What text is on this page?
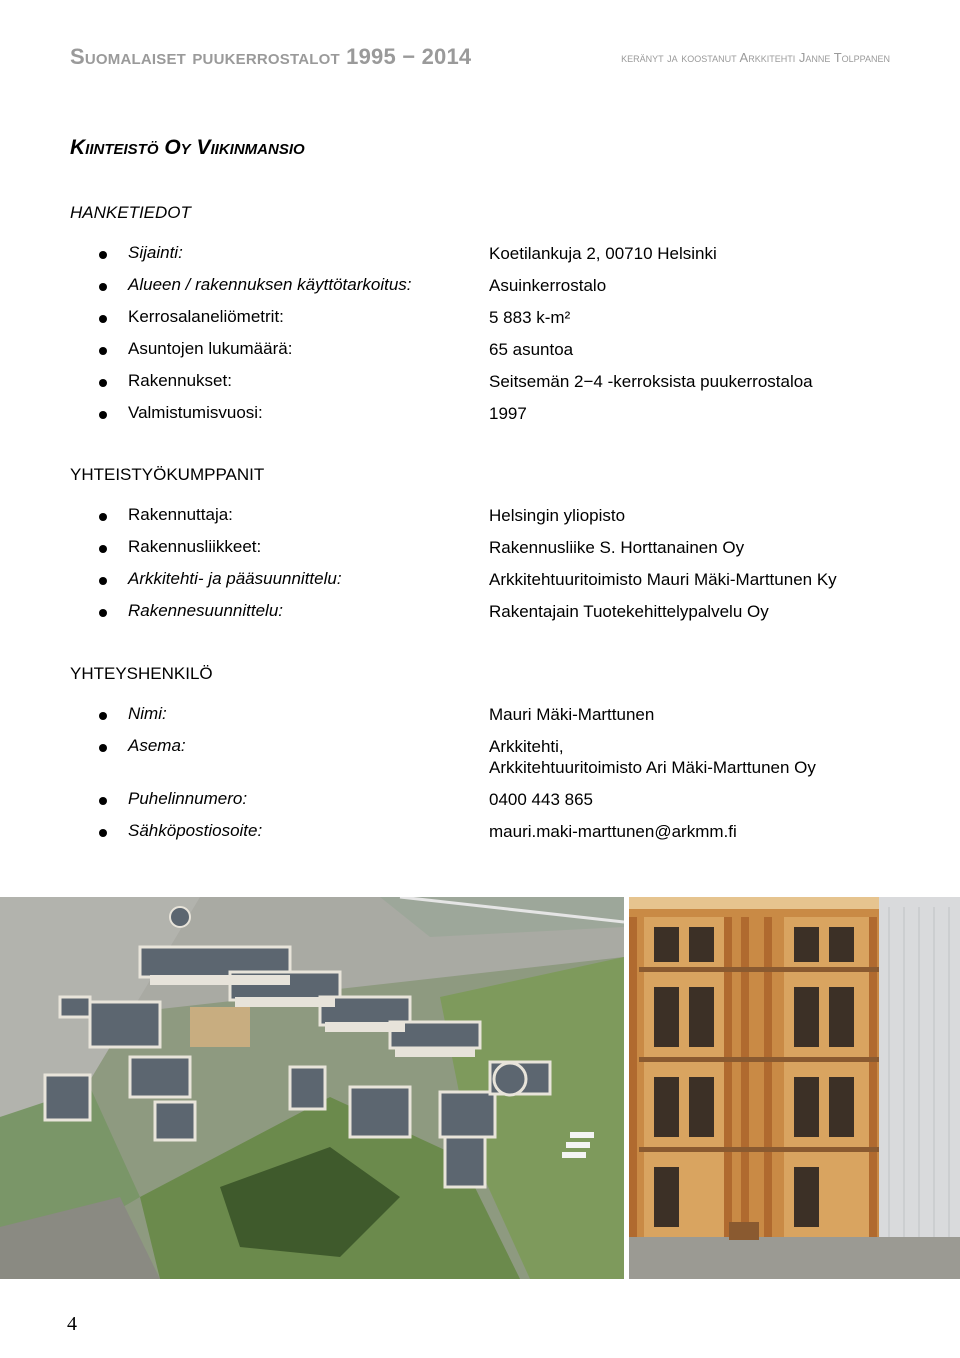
Suomalaiset puukerrostalot 1995 − 2014	keränyt ja koostanut Arkkitehti Janne Tolppanen
Kiinteistö Oy Viikinmansio
HANKETIEDOT
Sijainti:	Koetilankuja 2, 00710 Helsinki
Alueen / rakennuksen käyttötarkoitus:	Asuinkerrostalo
Kerrosalaneliömetrit:	5 883 k-m²
Asuntojen lukumäärä:	65 asuntoa
Rakennukset:	Seitsemän 2−4 -kerroksista puukerrostaloa
Valmistumisvuosi:	1997
YHTEISTYÖKUMPPANIT
Rakennuttaja:	Helsingin yliopisto
Rakennusliikkeet:	Rakennusliike S. Horttanainen Oy
Arkkitehti- ja pääsuunnittelu:	Arkkitehtuuritoimisto Mauri Mäki-Marttunen Ky
Rakennesuunnittelu:	Rakentajain Tuotekehittelypalvelu Oy
YHTEYSHENKILÖ
Nimi:	Mauri Mäki-Marttunen
Asema:	Arkkitehti,
Arkkitehtuuritoimisto Ari Mäki-Marttunen Oy
Puhelinnumero:	0400 443 865
Sähköpostiosoite:	mauri.maki-marttunen@arkmm.fi
4
